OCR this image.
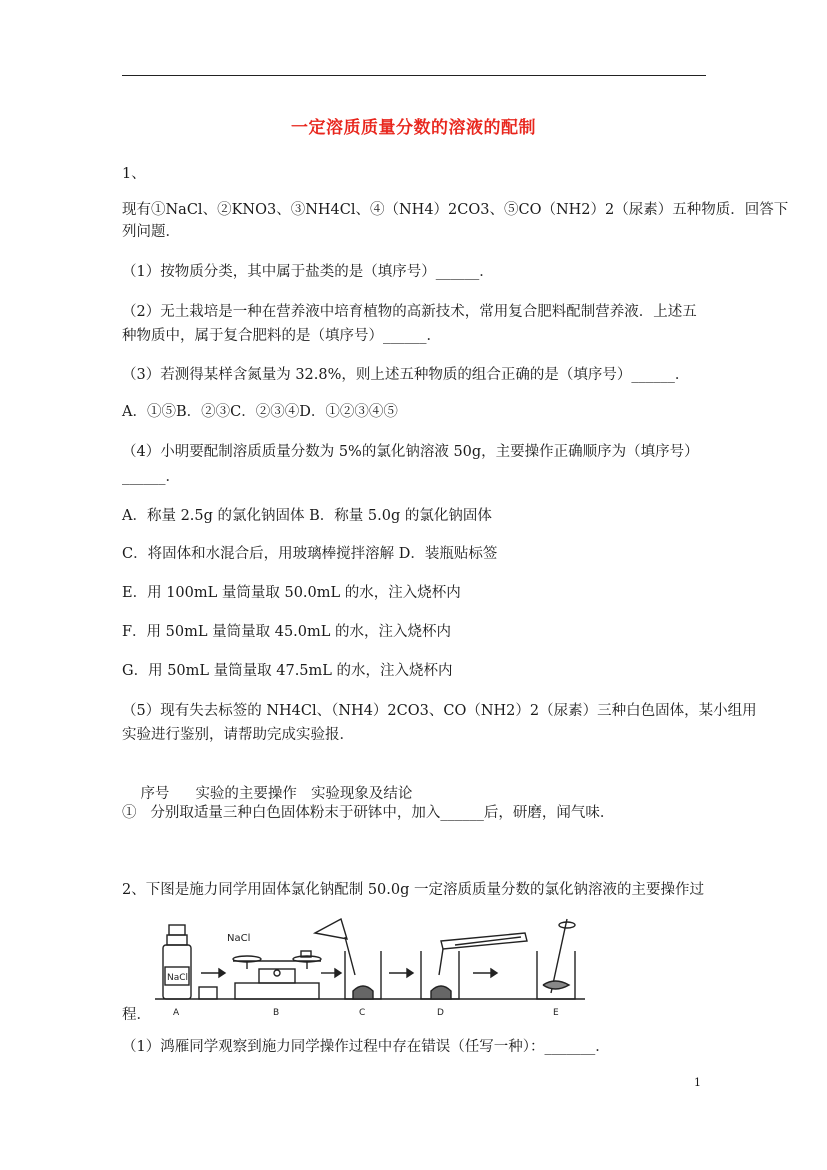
一定溶质质量分数的溶液的配制
1、
现有①NaCl、②KNO3、③NH4Cl、④（NH4）2CO3、⑤CO（NH2）2（尿素）五种物质．回答下
列问题．
（1）按物质分类，其中属于盐类的是（填序号）______．
（2）无土栽培是一种在营养液中培育植物的高新技术，常用复合肥料配制营养液．上述五
种物质中，属于复合肥料的是（填序号）______．
（3）若测得某样含氮量为 32.8%，则上述五种物质的组合正确的是（填序号）______．
A．①⑤B．②③C．②③④D．①②③④⑤
（4）小明要配制溶质质量分数为 5%的氯化钠溶液 50g，主要操作正确顺序为（填序号）
______．
A．称量 2.5g 的氯化钠固体 B．称量 5.0g 的氯化钠固体
C．将固体和水混合后，用玻璃棒搅拌溶解 D．装瓶贴标签
E．用 100mL 量筒量取 50.0mL 的水，注入烧杯内
F．用 50mL 量筒量取 45.0mL 的水，注入烧杯内
G．用 50mL 量筒量取 47.5mL 的水，注入烧杯内
（5）现有失去标签的 NH4Cl、（NH4）2CO3、CO（NH2）2（尿素）三种白色固体，某小组用
实验进行鉴别，请帮助完成实验报．

序号 实验的主要操作 实验现象及结论

①   分别取适量三种白色固体粉末于研钵中，加入______后，研磨，闻气味．
2、下图是施力同学用固体氯化钠配制 50.0g 一定溶质质量分数的氯化钠溶液的主要操作过
NaCl
NaCl
A	B	C	D	E
程．
（1）鸿雁同学观察到施力同学操作过程中存在错误（任写一种）：_______．
1
